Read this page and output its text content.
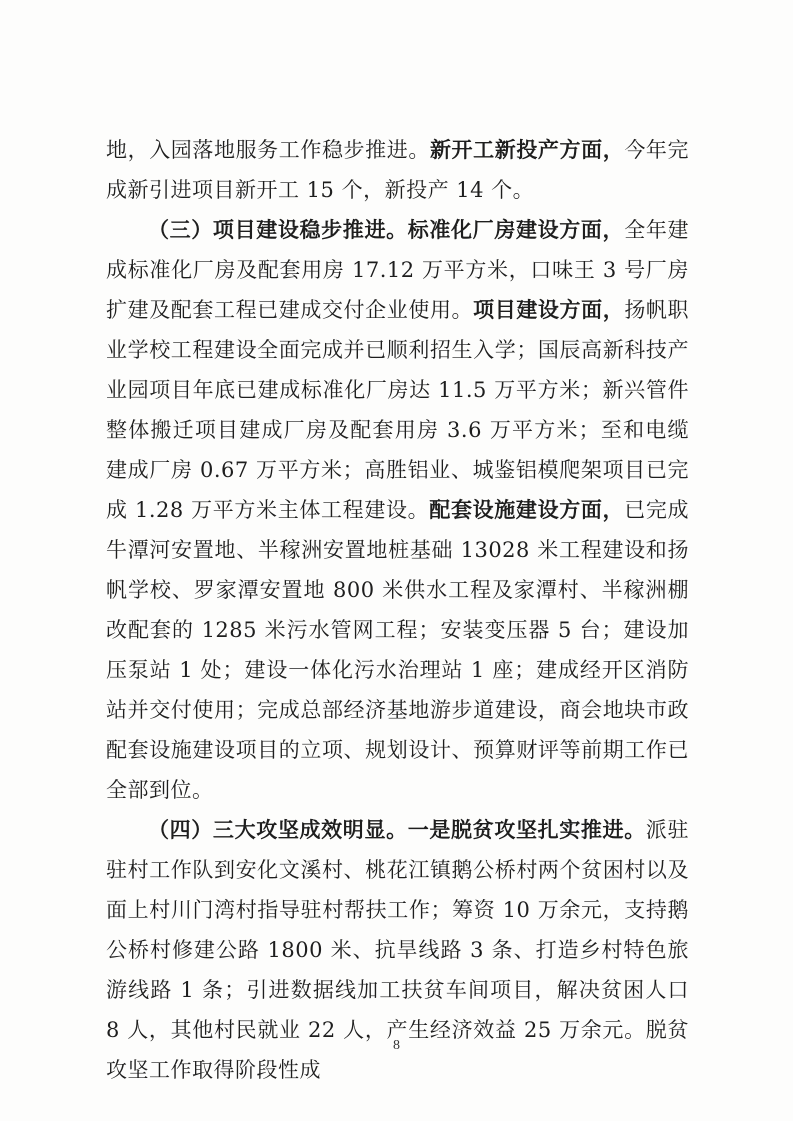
地，入园落地服务工作稳步推进。新开工新投产方面，今年完成新引进项目新开工 15 个，新投产 14 个。

（三）项目建设稳步推进。标准化厂房建设方面，全年建成标准化厂房及配套用房 17.12 万平方米，口味王 3 号厂房扩建及配套工程已建成交付企业使用。项目建设方面，扬帆职业学校工程建设全面完成并已顺利招生入学；国辰高新科技产业园项目年底已建成标准化厂房达 11.5 万平方米；新兴管件整体搬迁项目建成厂房及配套用房 3.6 万平方米；至和电缆建成厂房 0.67 万平方米；高胜铝业、城鉴铝模爬架项目已完成 1.28 万平方米主体工程建设。配套设施建设方面，已完成牛潭河安置地、半稼洲安置地桩基础 13028 米工程建设和扬帆学校、罗家潭安置地 800 米供水工程及家潭村、半稼洲棚改配套的 1285 米污水管网工程；安装变压器 5 台；建设加压泵站 1 处；建设一体化污水治理站 1 座；建成经开区消防站并交付使用；完成总部经济基地游步道建设，商会地块市政配套设施建设项目的立项、规划设计、预算财评等前期工作已全部到位。

（四）三大攻坚成效明显。一是脱贫攻坚扎实推进。派驻驻村工作队到安化文溪村、桃花江镇鹅公桥村两个贫困村以及面上村川门湾村指导驻村帮扶工作；筹资 10 万余元，支持鹅公桥村修建公路 1800 米、抗旱线路 3 条、打造乡村特色旅游线路 1 条；引进数据线加工扶贫车间项目，解决贫困人口 8 人，其他村民就业 22 人，产生经济效益 25 万余元。脱贫攻坚工作取得阶段性成

8
